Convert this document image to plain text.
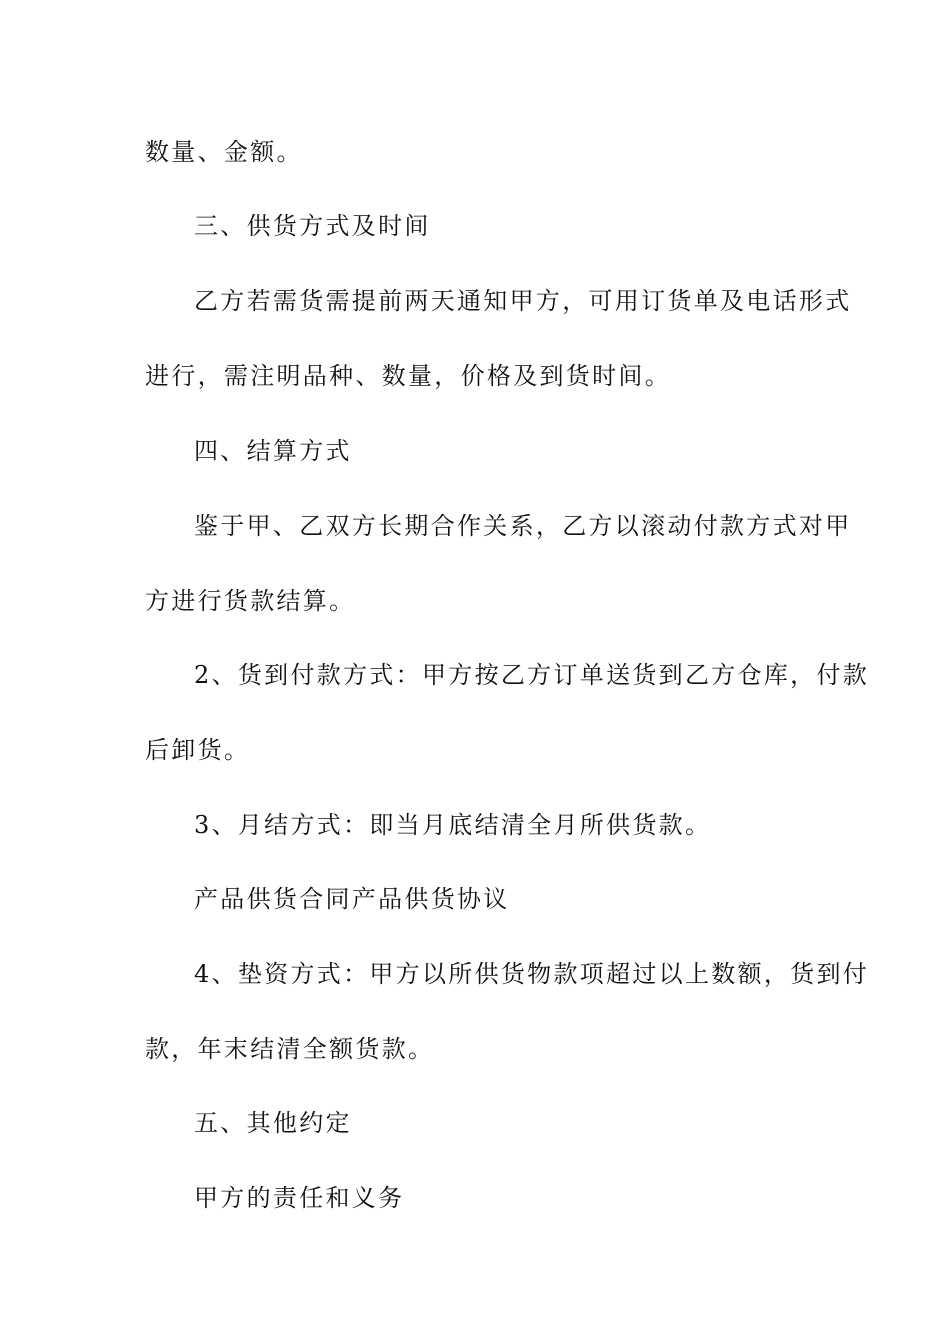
数量、金额。
三、供货方式及时间
乙方若需货需提前两天通知甲方，可用订货单及电话形式
进行，需注明品种、数量，价格及到货时间。
四、结算方式
鉴于甲、乙双方长期合作关系，乙方以滚动付款方式对甲
方进行货款结算。
2、货到付款方式：甲方按乙方订单送货到乙方仓库，付款
后卸货。
3、月结方式：即当月底结清全月所供货款。
产品供货合同产品供货协议
4、垫资方式：甲方以所供货物款项超过以上数额，货到付
款，年末结清全额货款。
五、其他约定
甲方的责任和义务
